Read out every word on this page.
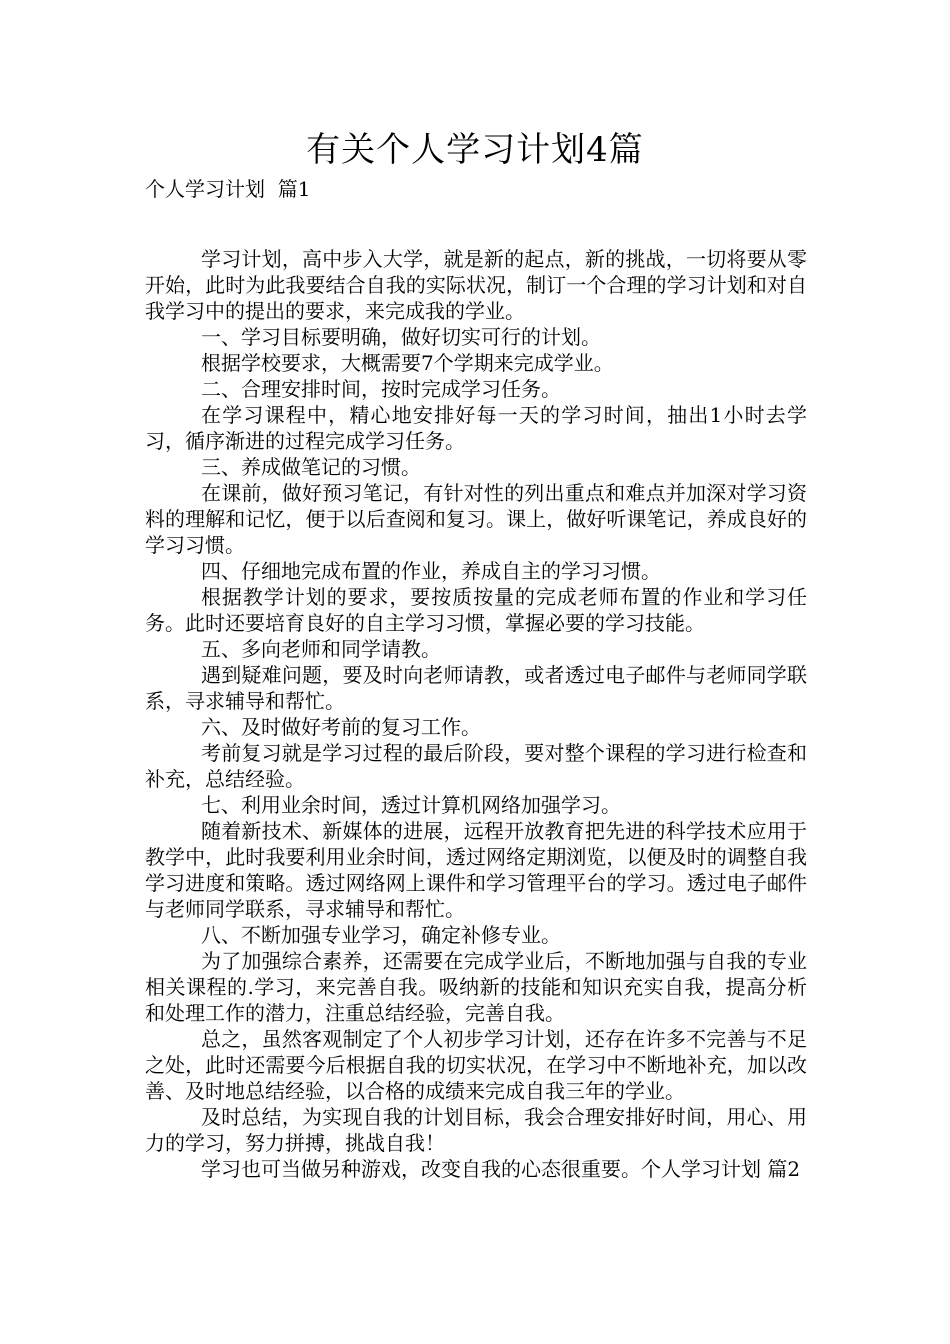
有关个人学习计划4篇
个人学习计划  篇1

学习计划，高中步入大学，就是新的起点，新的挑战，一切将要从零开始，此时为此我要结合自我的实际状况，制订一个合理的学习计划和对自我学习中的提出的要求，来完成我的学业。

一、学习目标要明确，做好切实可行的计划。

根据学校要求，大概需要7个学期来完成学业。

二、合理安排时间，按时完成学习任务。

在学习课程中，精心地安排好每一天的学习时间，抽出1小时去学习，循序渐进的过程完成学习任务。

三、养成做笔记的习惯。

在课前，做好预习笔记，有针对性的列出重点和难点并加深对学习资料的理解和记忆，便于以后查阅和复习。课上，做好听课笔记，养成良好的学习习惯。

四、仔细地完成布置的作业，养成自主的学习习惯。

根据教学计划的要求，要按质按量的完成老师布置的作业和学习任务。此时还要培育良好的自主学习习惯，掌握必要的学习技能。

五、多向老师和同学请教。

遇到疑难问题，要及时向老师请教，或者透过电子邮件与老师同学联系，寻求辅导和帮忙。

六、及时做好考前的复习工作。

考前复习就是学习过程的最后阶段，要对整个课程的学习进行检查和补充，总结经验。

七、利用业余时间，透过计算机网络加强学习。

随着新技术、新媒体的进展，远程开放教育把先进的科学技术应用于教学中，此时我要利用业余时间，透过网络定期浏览，以便及时的调整自我学习进度和策略。透过网络网上课件和学习管理平台的学习。透过电子邮件与老师同学联系，寻求辅导和帮忙。

八、不断加强专业学习，确定补修专业。

为了加强综合素养，还需要在完成学业后，不断地加强与自我的专业相关课程的.学习，来完善自我。吸纳新的技能和知识充实自我，提高分析和处理工作的潜力，注重总结经验，完善自我。

总之，虽然客观制定了个人初步学习计划，还存在许多不完善与不足之处，此时还需要今后根据自我的切实状况，在学习中不断地补充，加以改善、及时地总结经验，以合格的成绩来完成自我三年的学业。

及时总结，为实现自我的计划目标，我会合理安排好时间，用心、用力的学习，努力拼搏，挑战自我！

学习也可当做另种游戏，改变自我的心态很重要。个人学习计划 篇2
